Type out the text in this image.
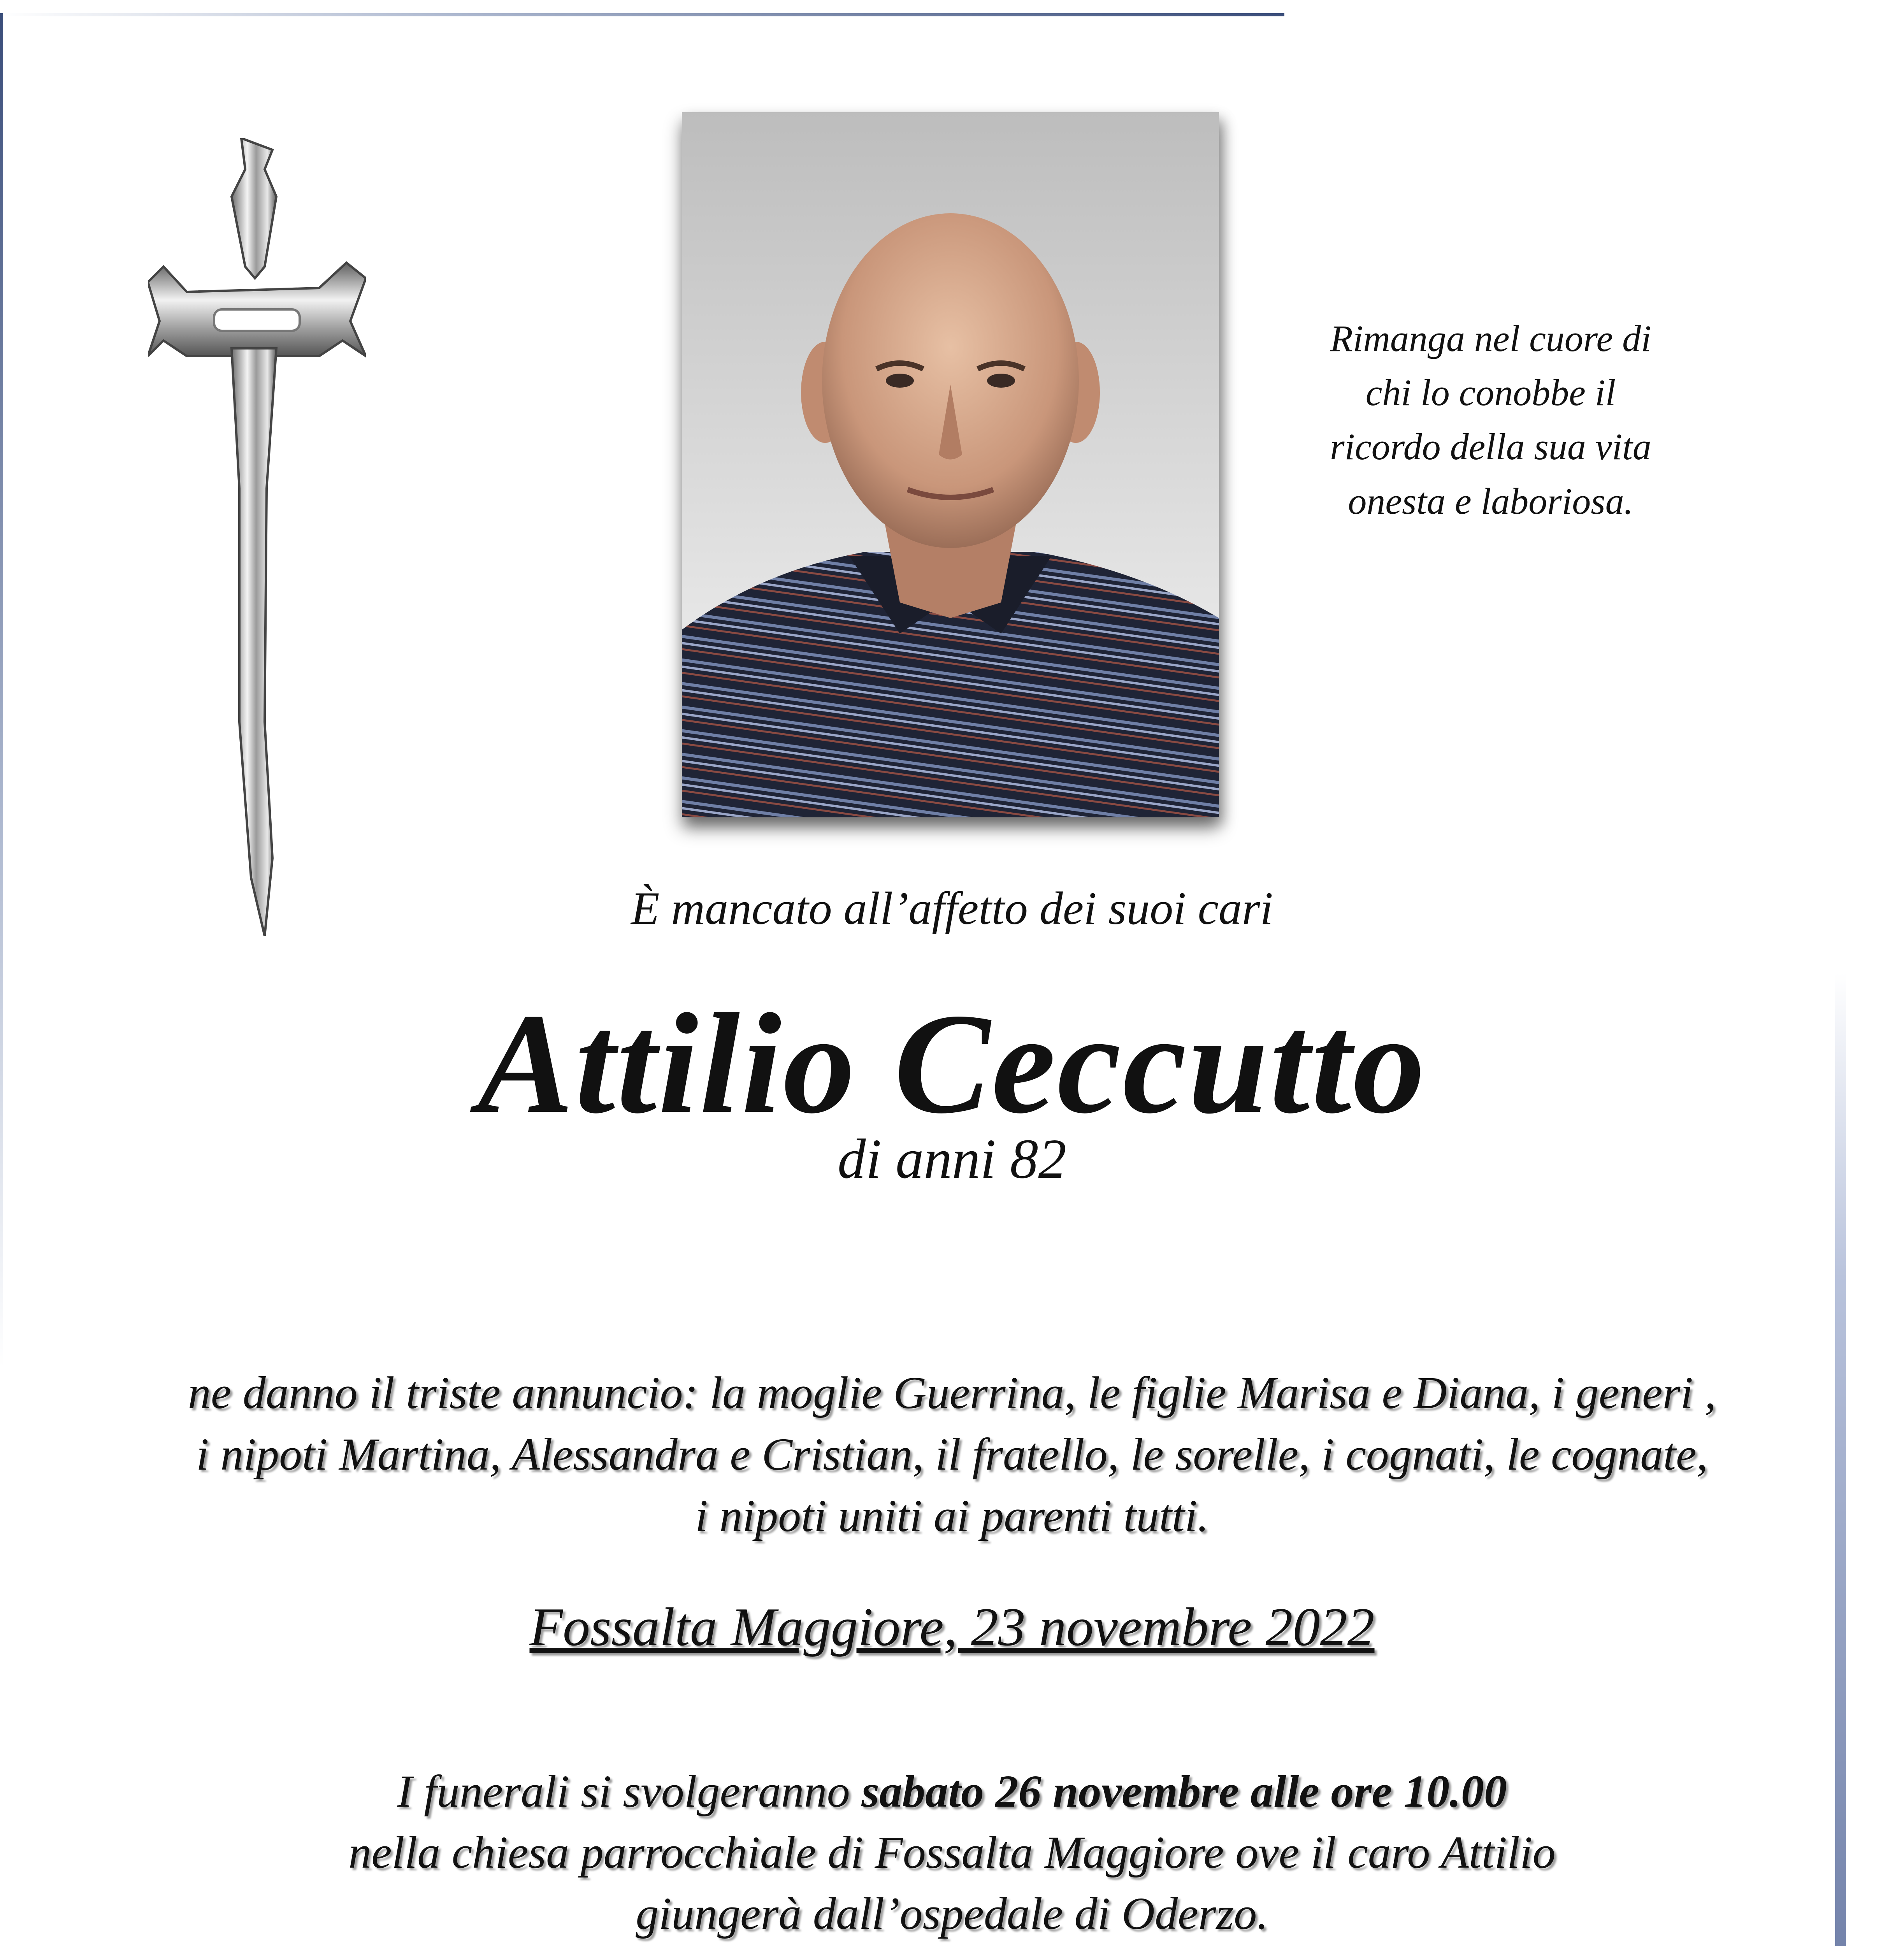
Rimanga nel cuore di
chi lo conobbe il
ricordo della sua vita
onesta e laboriosa.
È mancato all’affetto dei suoi cari
Attilio Ceccutto
di anni 82
ne danno il triste annuncio: la moglie Guerrina, le figlie Marisa e Diana, i generi ,
i nipoti Martina, Alessandra e Cristian, il fratello, le sorelle, i cognati, le cognate,
i nipoti uniti ai parenti tutti.
Fossalta Maggiore, 23 novembre 2022
I funerali si svolgeranno sabato 26 novembre alle ore 10.00
nella chiesa parrocchiale di Fossalta Maggiore ove il caro Attilio
giungerà dall’ospedale di Oderzo.
